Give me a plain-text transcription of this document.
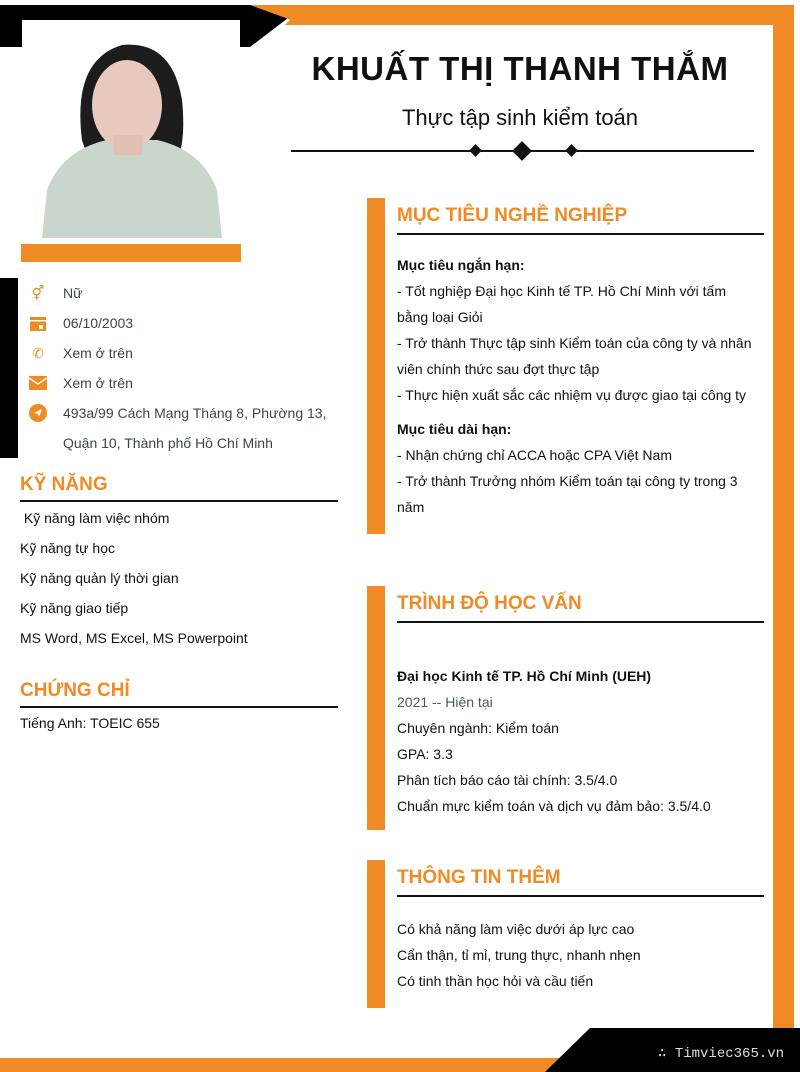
∴ Timviec365.vn
KHUẤT THỊ THANH THẮM
Thực tập sinh kiểm toán
⚥ Nữ
06/10/2003
✆ Xem ở trên
Xem ở trên
493a/99 Cách Mạng Tháng 8, Phường 13,
Quận 10, Thành phố Hồ Chí Minh
KỸ NĂNG
Kỹ năng làm việc nhóm
Kỹ năng tự học
Kỹ năng quản lý thời gian
Kỹ năng giao tiếp
MS Word, MS Excel, MS Powerpoint
CHỨNG CHỈ
Tiếng Anh: TOEIC 655
MỤC TIÊU NGHỀ NGHIỆP
Mục tiêu ngắn hạn:
- Tốt nghiệp Đại học Kinh tế TP. Hồ Chí Minh với tấm bằng loại Giỏi
- Trở thành Thực tập sinh Kiểm toán của công ty và nhân viên chính thức sau đợt thực tập
- Thực hiện xuất sắc các nhiệm vụ được giao tại công ty
Mục tiêu dài hạn:
- Nhận chứng chỉ ACCA hoặc CPA Việt Nam
- Trở thành Trưởng nhóm Kiểm toán tại công ty trong 3 năm
TRÌNH ĐỘ HỌC VẤN
Đại học Kinh tế TP. Hồ Chí Minh (UEH)
2021 -- Hiện tại
Chuyên ngành: Kiểm toán
GPA: 3.3
Phân tích báo cáo tài chính: 3.5/4.0
Chuẩn mực kiểm toán và dịch vụ đảm bảo: 3.5/4.0
THÔNG TIN THÊM
Có khả năng làm việc dưới áp lực cao
Cẩn thận, tỉ mỉ, trung thực, nhanh nhẹn
Có tinh thần học hỏi và cầu tiến
